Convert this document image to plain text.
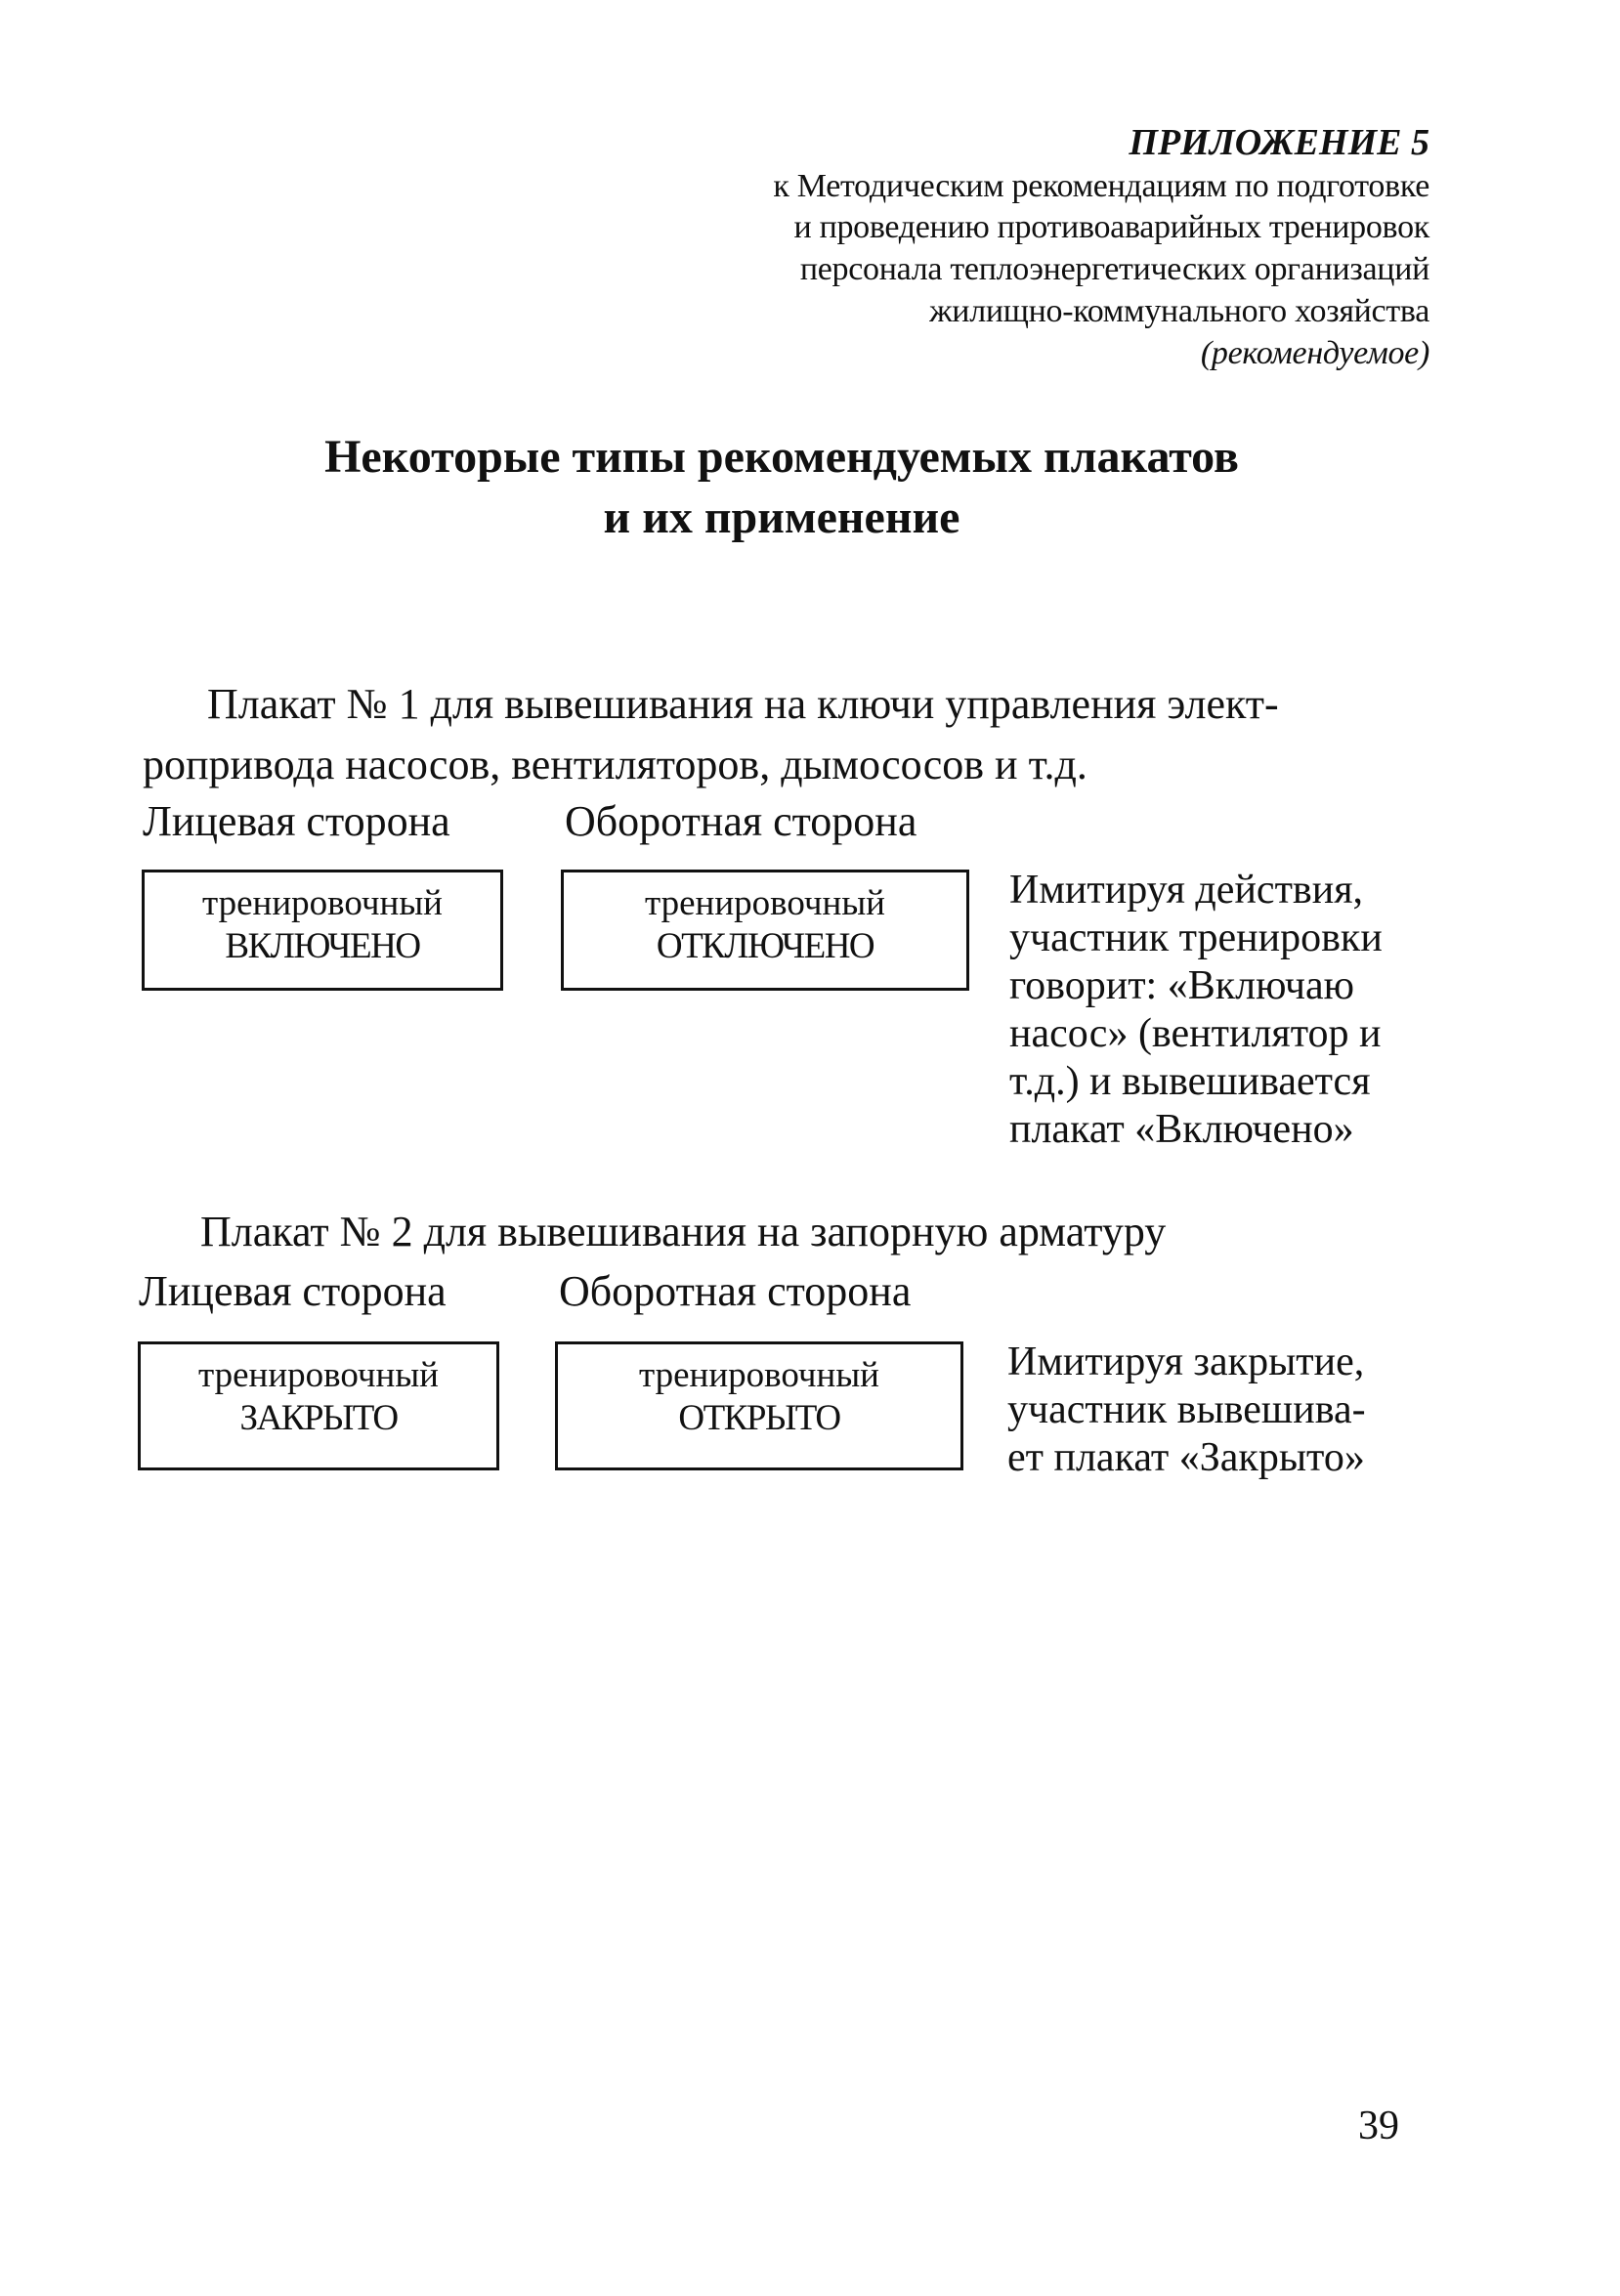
ПРИЛОЖЕНИЕ 5
к Методическим рекомендациям по подготовке
и проведению противоаварийных тренировок
персонала теплоэнергетических организаций
жилищно-коммунального хозяйства
(рекомендуемое)
Некоторые типы рекомендуемых плакатов
и их применение
Плакат № 1 для вывешивания на ключи управления элект-
ропривода насосов, вентиляторов, дымососов и т.д.
Лицевая сторона	Оборотная сторона
тренировочный
ВКЛЮЧЕНО
тренировочный
ОТКЛЮЧЕНО
Имитируя действия,
участник тренировки
говорит: «Включаю
насос» (вентилятор и
т.д.) и вывешивается
плакат «Включено»
Плакат № 2 для вывешивания на запорную арматуру
Лицевая сторона	Оборотная сторона
тренировочный
ЗАКРЫТО
тренировочный
ОТКРЫТО
Имитируя закрытие,
участник вывешива-
ет плакат «Закрыто»
39
